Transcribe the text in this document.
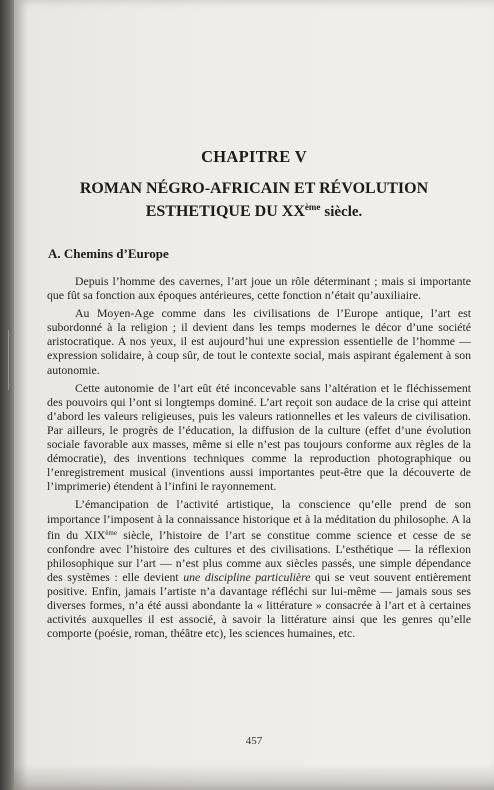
CHAPITRE V
ROMAN NÉGRO-AFRICAIN ET RÉVOLUTION
ESTHETIQUE DU XXème siècle.
A. Chemins d’Europe

Depuis l’homme des cavernes, l’art joue un rôle déterminant ; mais si importante que fût sa fonction aux époques antérieures, cette fonction n’était qu’auxiliaire.

Au Moyen-Age comme dans les civilisations de l’Europe antique, l’art est subordonné à la religion ; il devient dans les temps modernes le décor d’une société aristocratique. A nos yeux, il est aujourd’hui une expression essentielle de l’homme — expression solidaire, à coup sûr, de tout le contexte social, mais aspirant également à son autonomie.

Cette autonomie de l’art eût été inconcevable sans l’altération et le fléchissement des pouvoirs qui l’ont si longtemps dominé. L’art reçoit son audace de la crise qui atteint d’abord les valeurs religieuses, puis les valeurs rationnelles et les valeurs de civilisation. Par ailleurs, le progrès de l’éducation, la diffusion de la culture (effet d’une évolution sociale favorable aux masses, même si elle n’est pas toujours conforme aux règles de la démocratie), des inventions techniques comme la reproduction photographique ou l’enregistrement musical (inventions aussi importantes peut-être que la découverte de l’imprimerie) étendent à l’infini le rayonnement.

L’émancipation de l’activité artistique, la conscience qu’elle prend de son importance l’imposent à la connaissance historique et à la méditation du philosophe. A la fin du XIXème siècle, l’histoire de l’art se constitue comme science et cesse de se confondre avec l’histoire des cultures et des civilisations. L’esthétique — la réflexion philosophique sur l’art — n’est plus comme aux siècles passés, une simple dépendance des systèmes : elle devient une discipline particulière qui se veut souvent entièrement positive. Enfin, jamais l’artiste n’a davantage réfléchi sur lui-même — jamais sous ses diverses formes, n’a été aussi abondante la « littérature » consacrée à l’art et à certaines activités auxquelles il est associé, à savoir la littérature ainsi que les genres qu’elle comporte (poésie, roman, théâtre etc), les sciences humaines, etc.

457
